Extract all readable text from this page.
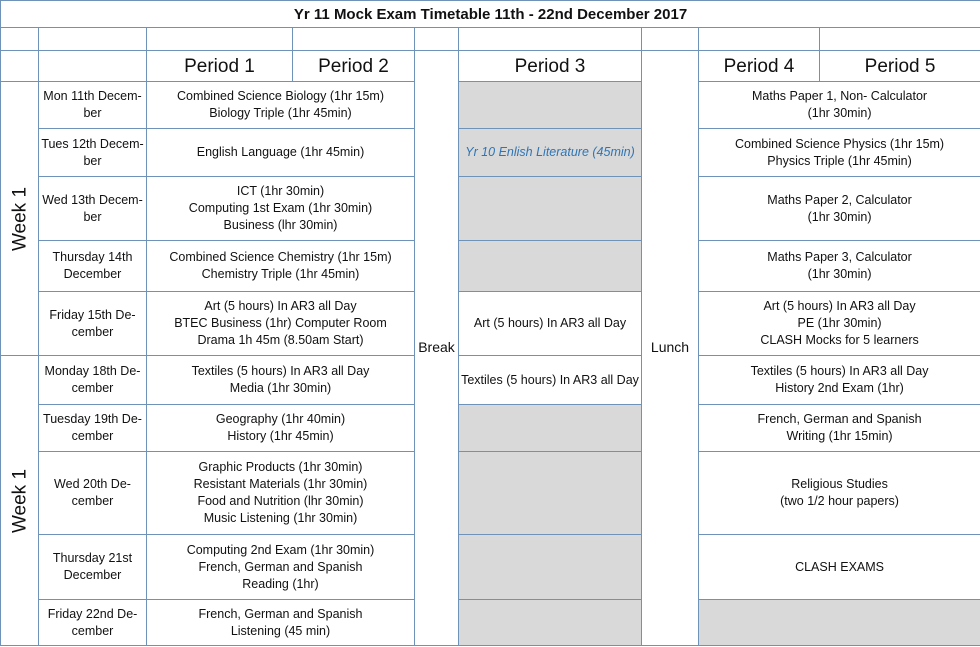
Yr 11 Mock Exam Timetable 11th - 22nd December 2017								

		Period 1	Period 2	Break	Period 3	Lunch	Period 4	Period 5

Week 1	Mon 11th Decem-
ber	Combined Science Biology (1hr 15m)
Biology Triple (1hr 45min)					Maths Paper 1, Non- Calculator
(1hr 30min)	

	Tues 12th Decem-
ber	English Language (1hr 45min)			Yr 10 Enlish Literature (45min)		Combined Science Physics (1hr 15m)
Physics Triple (1hr 45min)	

	Wed 13th Decem-
ber	ICT (1hr 30min)
Computing 1st Exam (1hr 30min)
Business (lhr 30min)					Maths Paper 2, Calculator
(1hr 30min)	

	Thursday 14th
December	Combined Science Chemistry (1hr 15m)
Chemistry Triple (1hr 45min)					Maths Paper 3, Calculator
(1hr 30min)	

	Friday 15th De-
cember	Art (5 hours) In AR3 all Day
BTEC Business (1hr) Computer Room
Drama 1h 45m (8.50am Start)			Art (5 hours) In AR3 all Day		Art (5 hours) In AR3 all Day
PE (1hr 30min)
CLASH Mocks for 5 learners	

Week 1	Monday 18th De-
cember	Textiles (5 hours) In AR3 all Day
Media (1hr 30min)			Textiles (5 hours) In AR3 all Day		Textiles (5 hours) In AR3 all Day
History 2nd Exam (1hr)	

	Tuesday 19th De-
cember	Geography (1hr 40min)
History (1hr 45min)					French, German and Spanish
Writing (1hr 15min)	

	Wed 20th De-
cember	Graphic Products (1hr 30min)
Resistant Materials (1hr 30min)
Food and Nutrition (lhr 30min)
Music Listening (1hr 30min)					Religious Studies
(two 1/2 hour papers)	

	Thursday 21st
December	Computing 2nd Exam (1hr 30min)
French, German and Spanish
Reading (1hr)					CLASH EXAMS	

	Friday 22nd De-
cember	French, German and Spanish
Listening (45 min)						
